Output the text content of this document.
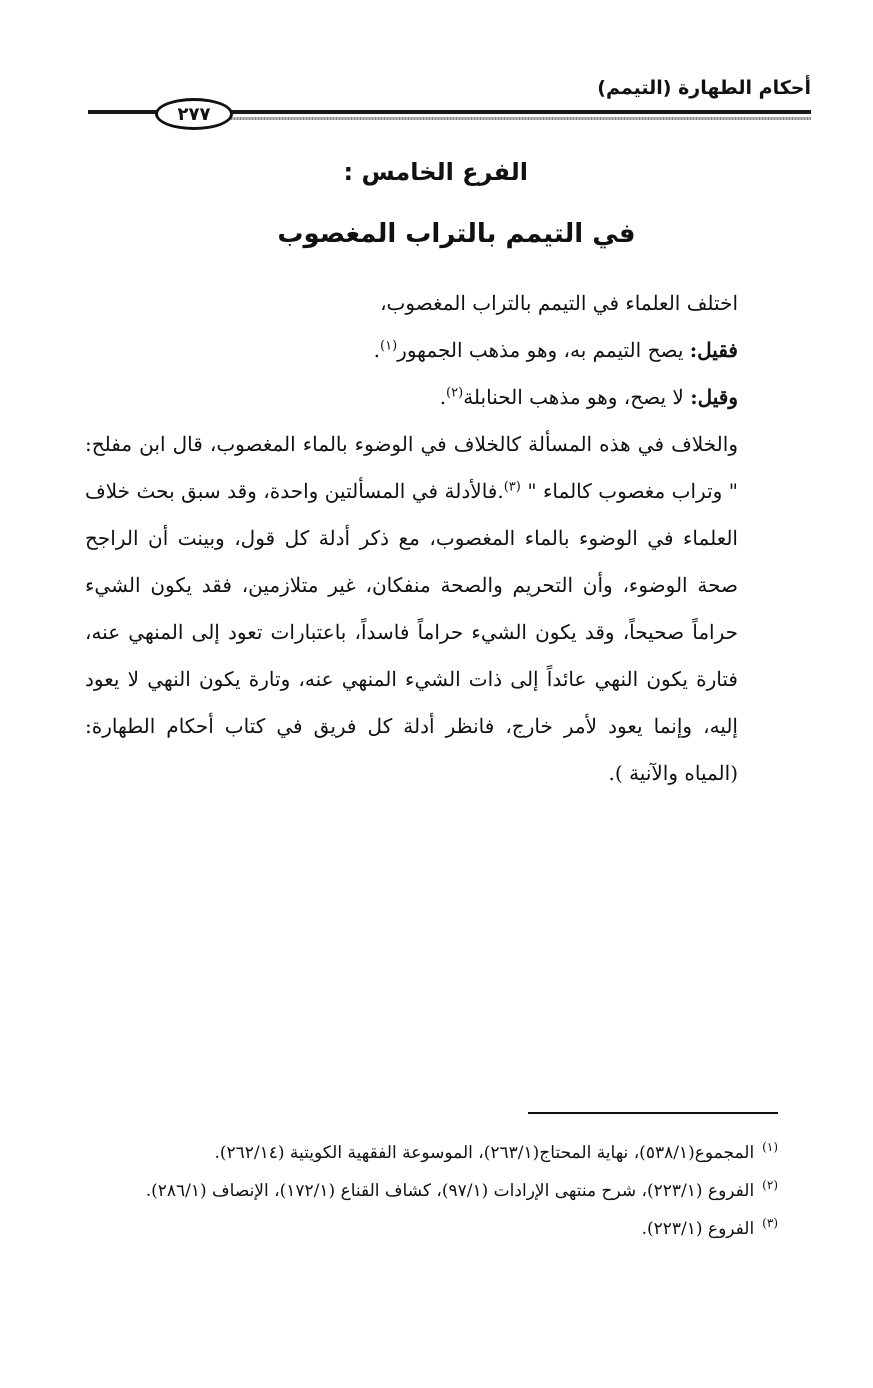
أحكام الطهارة (التيمم)
٢٧٧
الفرع الخامس :
في التيمم بالتراب المغصوب

اختلف العلماء في التيمم بالتراب المغصوب،

فقيل: يصح التيمم به، وهو مذهب الجمهور$^{(١)}$.

وقيل: لا يصح، وهو مذهب الحنابلة$^{(٢)}$.

والخلاف في هذه المسألة كالخلاف في الوضوء بالماء المغصوب، قال ابن مفلح: " وتراب مغصوب كالماء " $^{(٣)}$.فالأدلة في المسألتين واحدة، وقد سبق بحث خلاف العلماء في الوضوء بالماء المغصوب، مع ذكر أدلة كل قول، وبينت أن الراجح صحة الوضوء، وأن التحريم والصحة منفكان، غير متلازمين، فقد يكون الشيء حراماً صحيحاً، وقد يكون الشيء حراماً فاسداً، باعتبارات تعود إلى المنهي عنه، فتارة يكون النهي عائداً إلى ذات الشيء المنهي عنه، وتارة يكون النهي لا يعود إليه، وإنما يعود لأمر خارج، فانظر أدلة كل فريق في كتاب أحكام الطهارة: (المياه والآنية ).

$^{(١)}$المجموع(٥٣٨/١)، نهاية المحتاج(٢٦٣/١)، الموسوعة الفقهية الكويتية (٢٦٢/١٤).

$^{(٢)}$الفروع (٢٢٣/١)، شرح منتهى الإرادات (٩٧/١)، كشاف القناع (١٧٢/١)، الإنصاف (٢٨٦/١).

$^{(٣)}$الفروع (٢٢٣/١).
